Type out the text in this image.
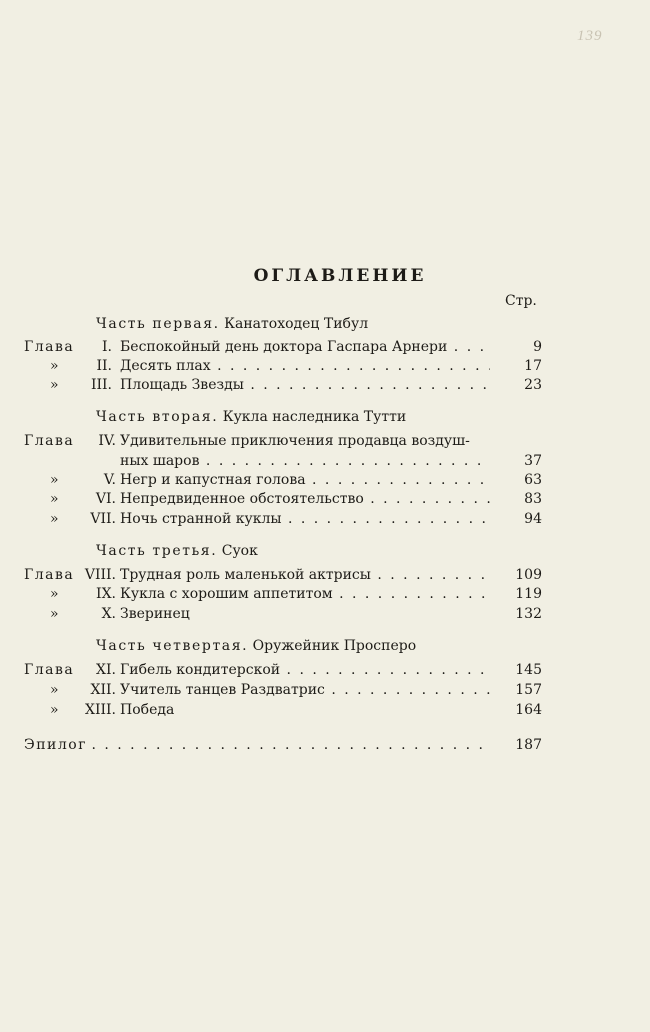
139
ОГЛАВЛЕНИЕ
Стр.
Часть первая. Канатоходец Тибул
Глава	I. Беспокойный день доктора Гаспара Арнери . . .	9
»	II. Десять плах . . .	17
»	III. Площадь Звезды . . .	23
Часть вторая. Кукла наследника Тутти
Глава	IV. Удивительные приключения продавца воздуш-
ных шаров . . .	37
»	V. Негр и капустная голова . . .	63
»	VI. Непредвиденное обстоятельство . . .	83
»	VII. Ночь странной куклы . . .	94
Часть третья. Суок
Глава VIII. Трудная роль маленькой актрисы . . .	109
»	IX. Кукла с хорошим аппетитом . . .	119
»	X. Зверинец	132
Часть четвертая. Оружейник Просперо
Глава	XI. Гибель кондитерской . . .	145
»	XII. Учитель танцев Раздватрис . . .	157
»	XIII. Победа	164
Эпилог . . .	187
